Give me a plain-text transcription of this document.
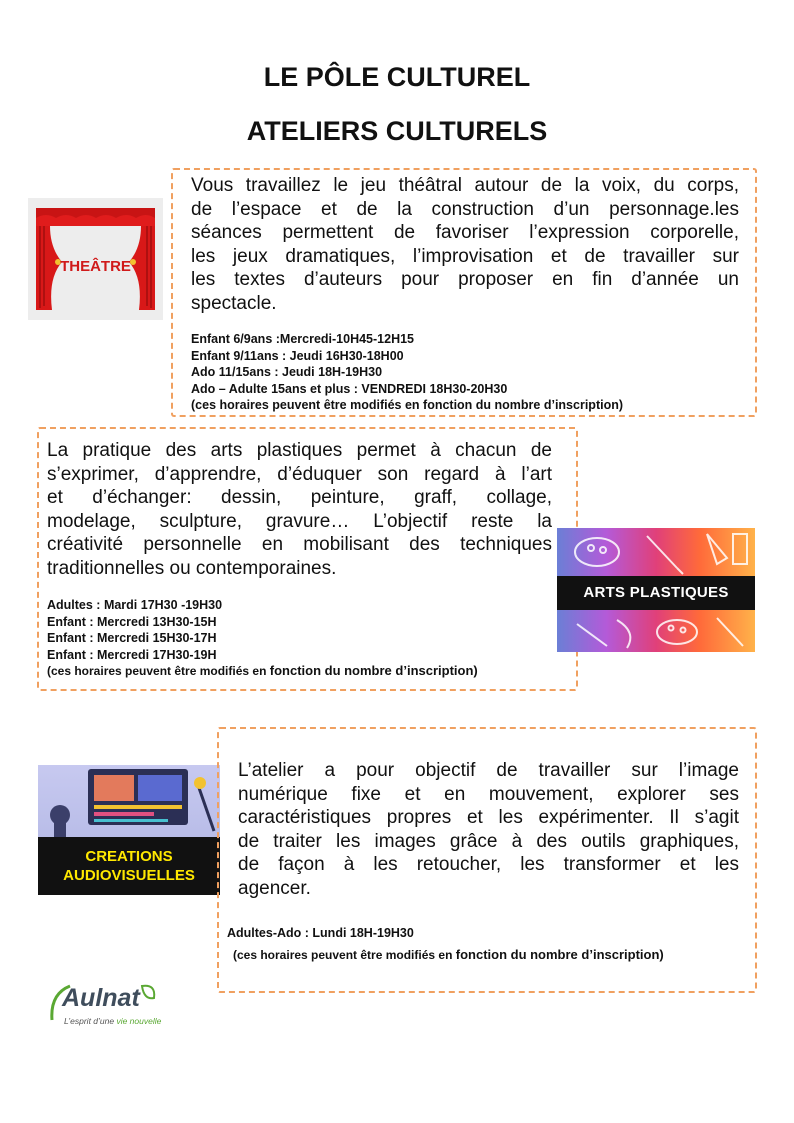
LE PÔLE CULTUREL
ATELIERS CULTURELS
THEÂTRE
Vous travaillez le jeu théâtral autour de la voix, du corps,
de l’espace et de la construction d’un personnage.les
séances permettent de favoriser l’expression corporelle,
les jeux dramatiques, l’improvisation et de travailler sur
les textes d’auteurs pour proposer en fin d’année un
spectacle.
Enfant 6/9ans :Mercredi-10H45-12H15
Enfant 9/11ans : Jeudi 16H30-18H00
Ado 11/15ans : Jeudi 18H-19H30
Ado – Adulte 15ans et plus : VENDREDI 18H30-20H30
(ces horaires peuvent être modifiés en fonction du nombre d’inscription)
La pratique des arts plastiques permet à chacun de
s’exprimer, d’apprendre, d’éduquer son regard à l’art
et d’échanger: dessin, peinture, graff, collage,
modelage, sculpture, gravure… L’objectif reste la
créativité personnelle en mobilisant des techniques
traditionnelles ou contemporaines.
Adultes : Mardi 17H30 -19H30
Enfant : Mercredi 13H30-15H
Enfant : Mercredi 15H30-17H
Enfant : Mercredi 17H30-19H
(ces horaires peuvent être modifiés en fonction du nombre d’inscription)
ARTS PLASTIQUES
CREATIONS
AUDIOVISUELLES
L’atelier a pour objectif de travailler sur l’image
numérique fixe et en mouvement, explorer ses
caractéristiques propres et les expérimenter. Il s’agit
de traiter les images grâce à des outils graphiques,
de façon à les retoucher, les transformer et les
agencer.
Adultes-Ado : Lundi 18H-19H30
(ces horaires peuvent être modifiés en fonction du nombre d’inscription)
Aulnat
L’esprit d’une vie nouvelle
